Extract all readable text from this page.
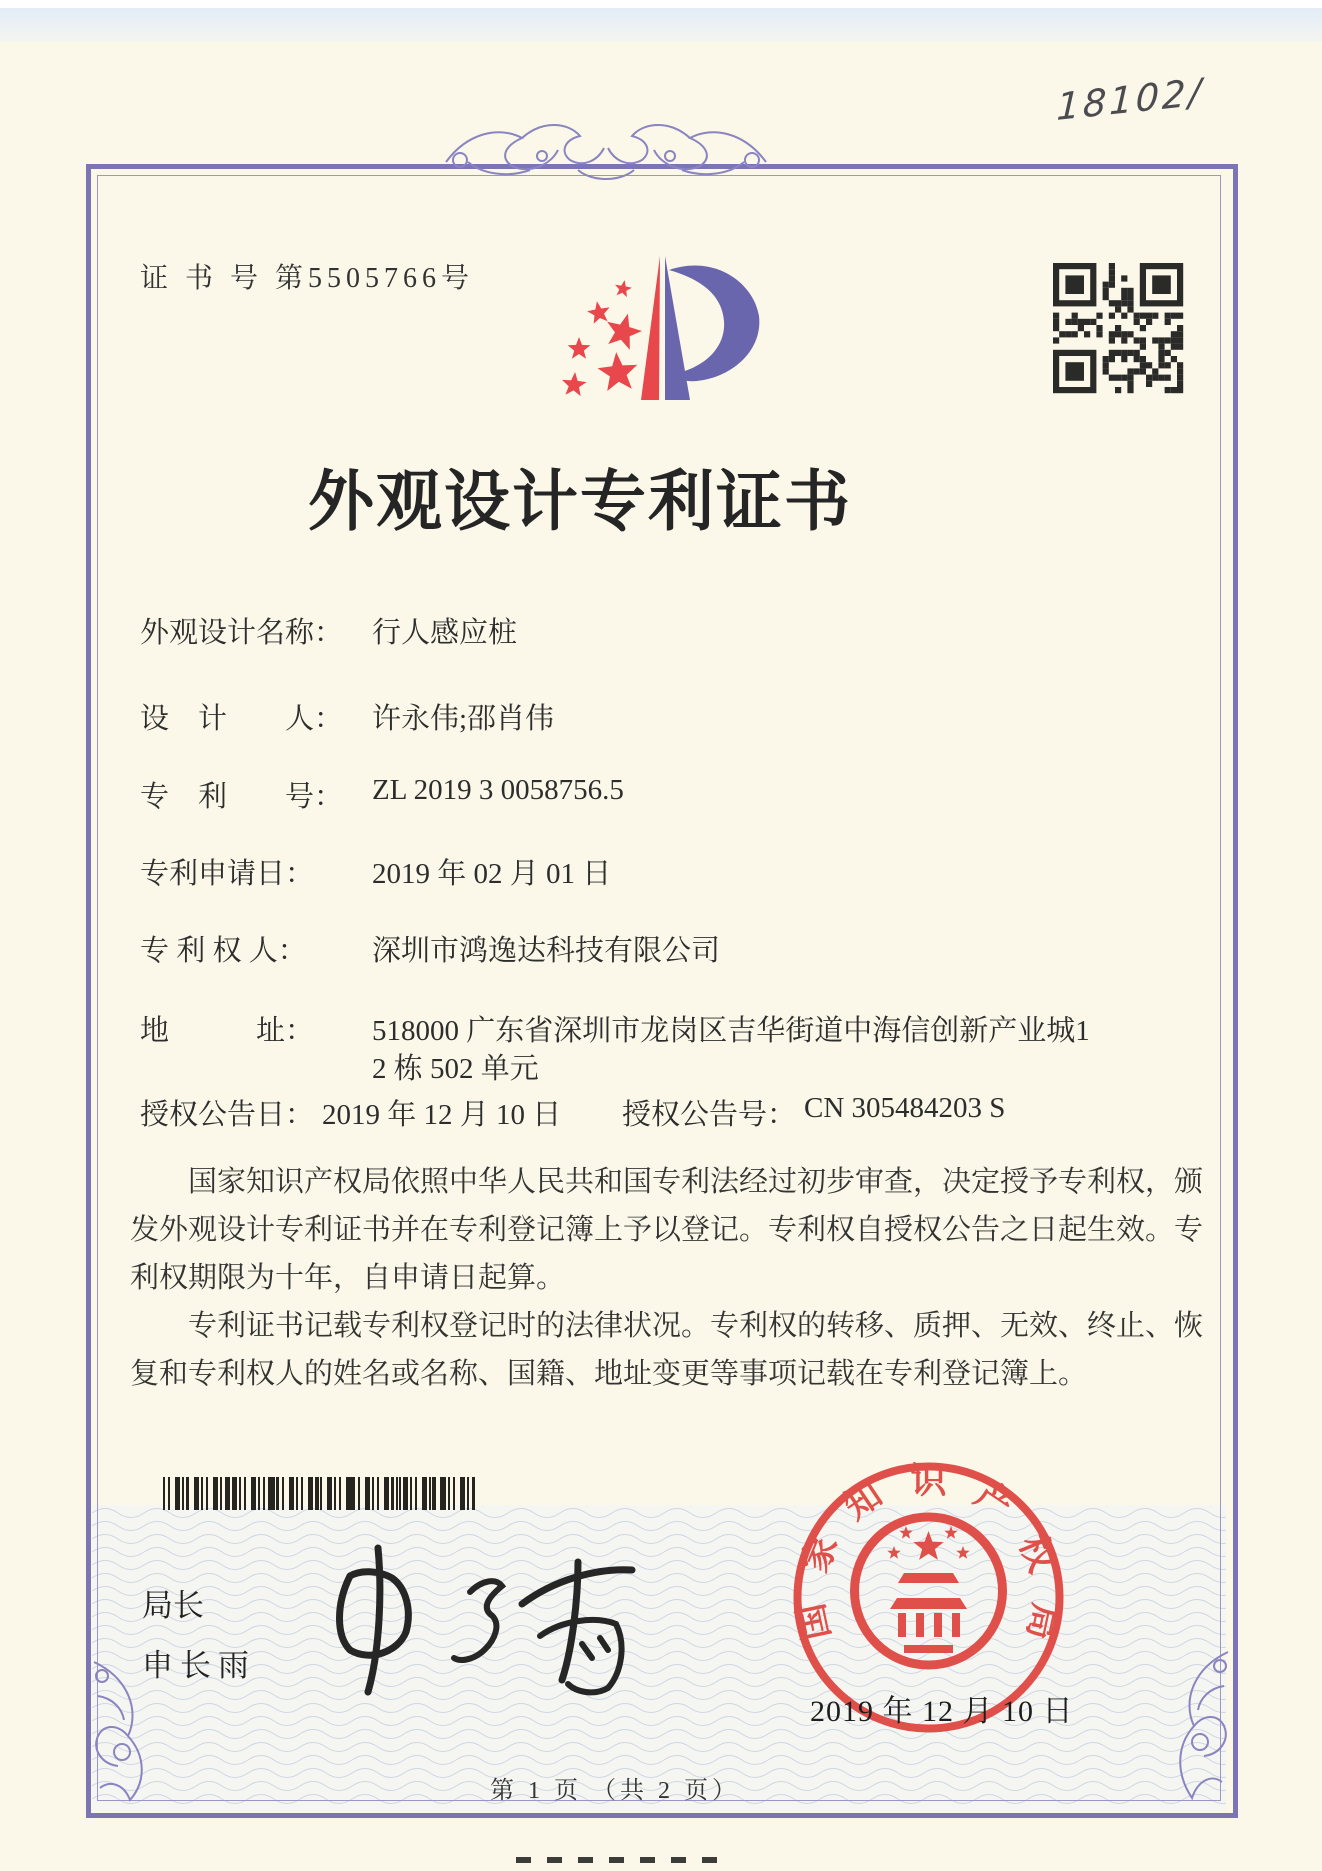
18102/
证 书 号 第5505766号
外观设计专利证书
外观设计名称： 行人感应桩
设　计　　人： 许永伟;邵肖伟
专　利　　号： ZL 2019 3 0058756.5
专利申请日：	2019 年 02 月 01 日
专 利 权 人：	深圳市鸿逸达科技有限公司
地　　　址：	518000 广东省深圳市龙岗区吉华街道中海信创新产业城1
2 栋 502 单元
授权公告日： 2019 年 12 月 10 日 授权公告号： CN 305484203 S

国家知识产权局依照中华人民共和国专利法经过初步审查，决定授予专利权，颁发外观设计专利证书并在专利登记簿上予以登记。专利权自授权公告之日起生效。专利权期限为十年，自申请日起算。

专利证书记载专利权登记时的法律状况。专利权的转移、质押、无效、终止、恢复和专利权人的姓名或名称、国籍、地址变更等事项记载在专利登记簿上。

局长
申长雨
国
家
知 识 产
权
局
2019 年 12 月 10 日
第 1 页 （共 2 页）
